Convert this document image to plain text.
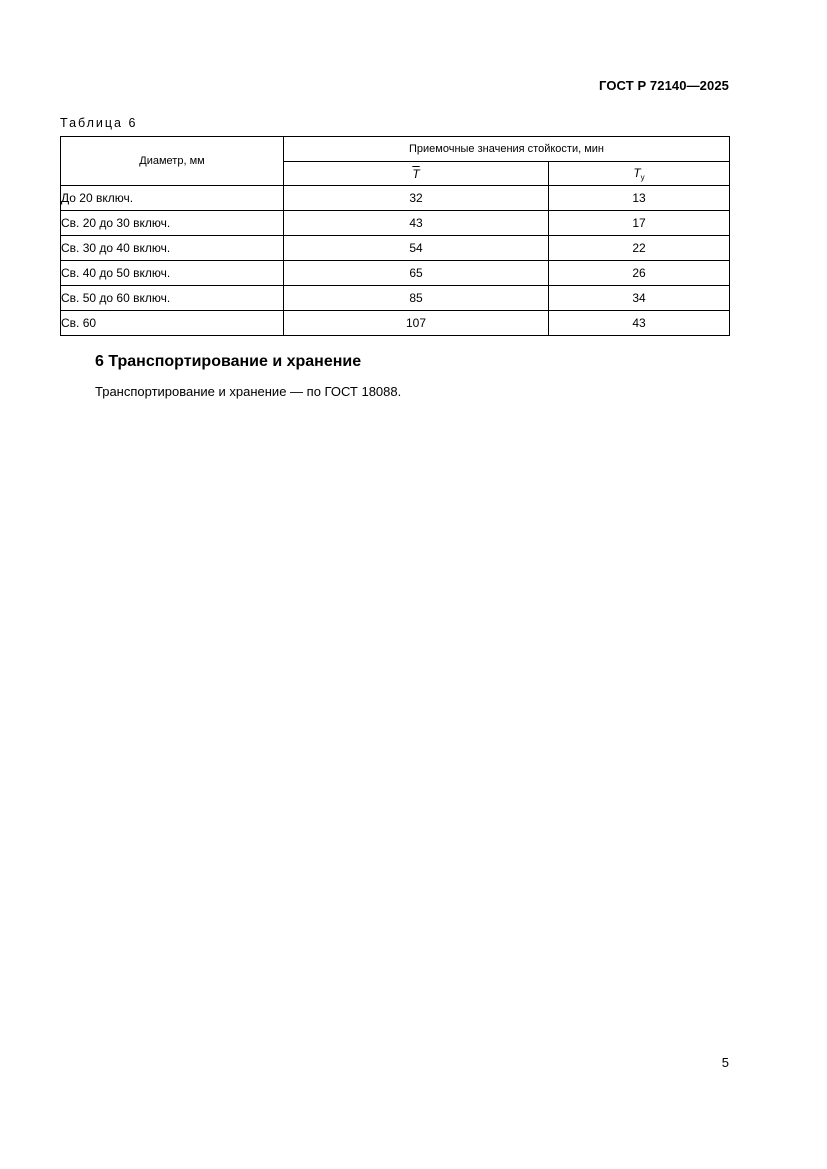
ГОСТ Р 72140—2025
Таблица 6
Диаметр, мм	Приемочные значения стойкости, мин	
	$\overline{T}$	$T_у$
До 20 включ.	32	13
Св. 20 до 30 включ.	43	17
Св. 30 до 40 включ.	54	22
Св. 40 до 50 включ.	65	26
Св. 50 до 60 включ.	85	34
Св. 60	107	43
6 Транспортирование и хранение
Транспортирование и хранение — по ГОСТ 18088.
5
